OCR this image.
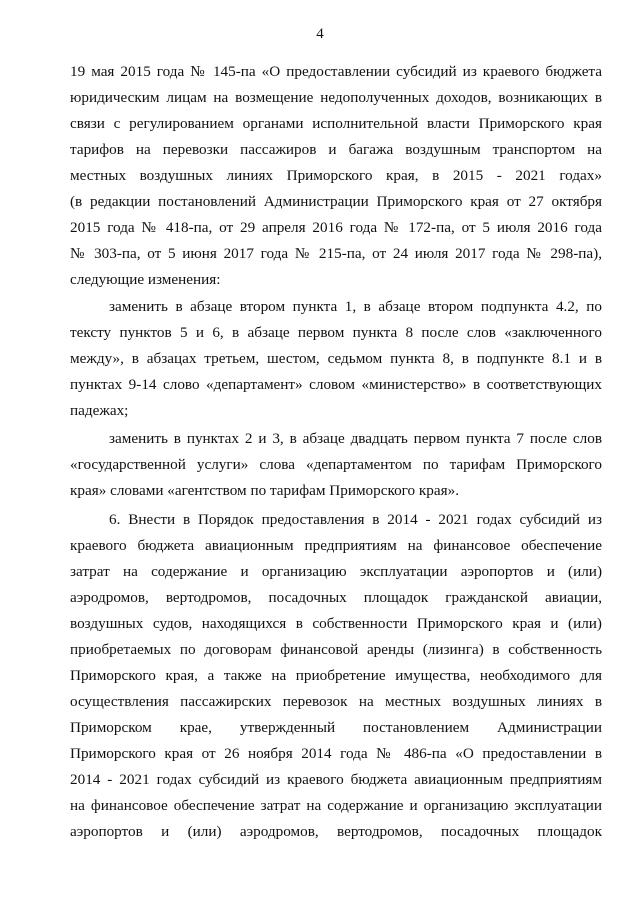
4
19 мая 2015 года № 145-па «О предоставлении субсидий из краевого бюджета
юридическим лицам на возмещение недополученных доходов, возникающих в
связи с регулированием органами исполнительной власти Приморского края
тарифов на перевозки пассажиров и багажа воздушным транспортом на
местных воздушных линиях Приморского края, в 2015 - 2021 годах»
(в редакции постановлений Администрации Приморского края от 27 октября
2015 года № 418-па, от 29 апреля 2016 года № 172-па, от 5 июля 2016 года
№ 303-па, от 5 июня 2017 года № 215-па, от 24 июля 2017 года № 298-па),
следующие изменения:
заменить в абзаце втором пункта 1, в абзаце втором подпункта 4.2, по
тексту пунктов 5 и 6, в абзаце первом пункта 8 после слов «заключенного
между», в абзацах третьем, шестом, седьмом пункта 8, в подпункте 8.1 и в
пунктах 9-14 слово «департамент» словом «министерство» в соответствующих
падежах;
заменить в пунктах 2 и 3, в абзаце двадцать первом пункта 7 после слов
«государственной услуги» слова «департаментом по тарифам Приморского
края» словами «агентством по тарифам Приморского края».
6. Внести в Порядок предоставления в 2014 - 2021 годах субсидий из
краевого бюджета авиационным предприятиям на финансовое обеспечение
затрат на содержание и организацию эксплуатации аэропортов и (или)
аэродромов, вертодромов, посадочных площадок гражданской авиации,
воздушных судов, находящихся в собственности Приморского края и (или)
приобретаемых по договорам финансовой аренды (лизинга) в собственность
Приморского края, а также на приобретение имущества, необходимого для
осуществления пассажирских перевозок на местных воздушных линиях в
Приморском крае, утвержденный постановлением Администрации
Приморского края от 26 ноября 2014 года № 486-па «О предоставлении в
2014 - 2021 годах субсидий из краевого бюджета авиационным предприятиям
на финансовое обеспечение затрат на содержание и организацию эксплуатации
аэропортов и (или) аэродромов, вертодромов, посадочных площадок
